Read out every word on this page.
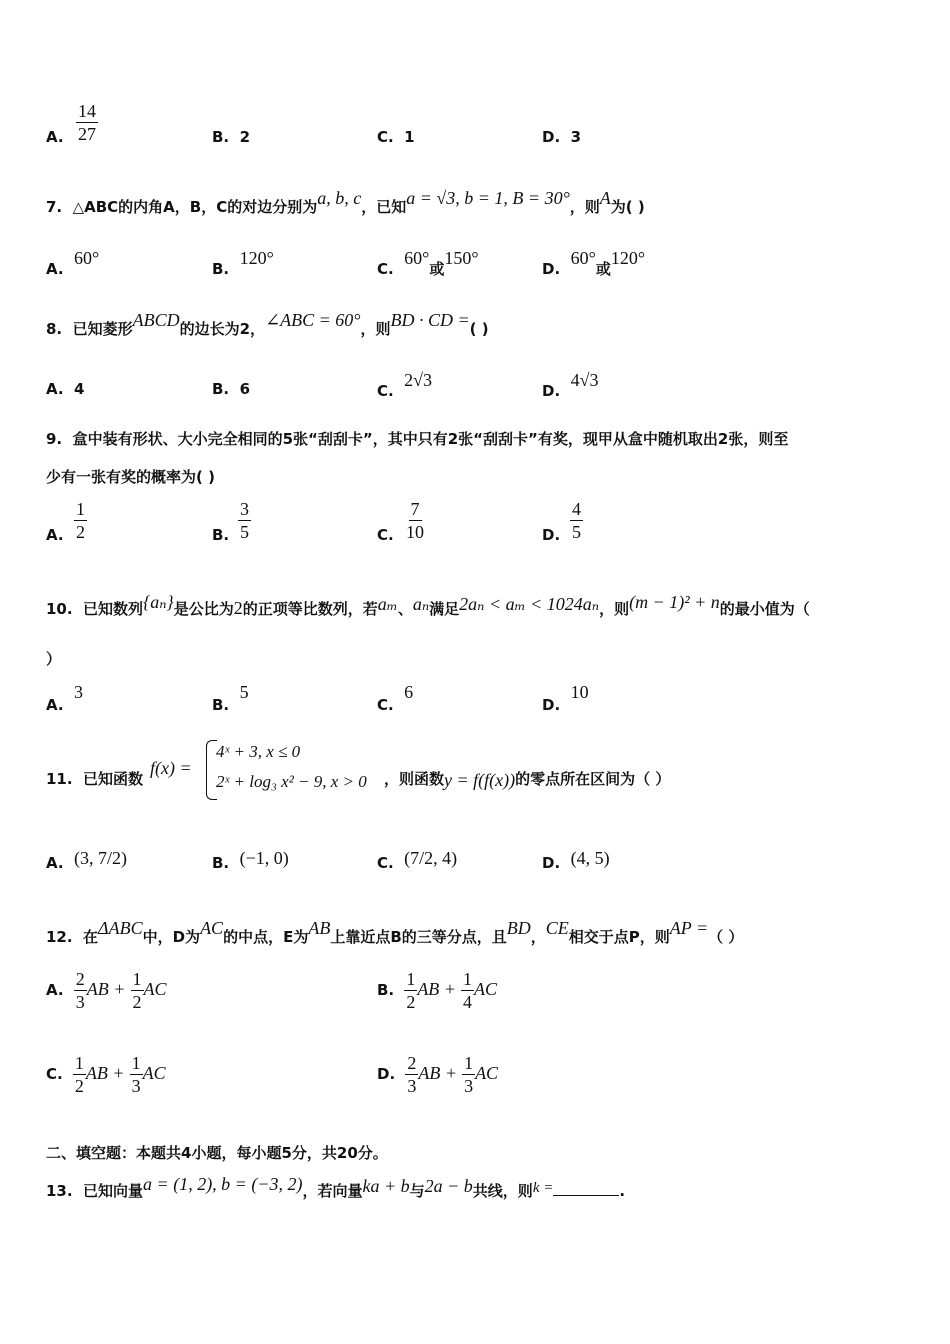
A. $\frac{14}{27}$	B. 2	C. 1	D. 3
7. △ABC的内角A，B，C的对边分别为a, b, c，已知a = √3, b = 1, B = 30°，则A为( )
A.  60°
B.  120°
C.  60°或150°
D.  60°或120°
8. 已知菱形ABCD的边长为2，∠ABC = 60°，则BD · CD =( )
A. 4	B. 6	C.  2√3
D.  4√3
9. 盒中装有形状、大小完全相同的5张“刮刮卡”，其中只有2张“刮刮卡”有奖，现甲从盒中随机取出2张，则至
少有一张有奖的概率为( )
A. $\frac{1}{2}$	B. $\frac{3}{5}$	C. $\frac{7}{10}$	D. $\frac{4}{5}$
10. 已知数列{aₙ}是公比为2的正项等比数列，若aₘ、aₙ满足2aₙ < aₘ < 1024aₙ，则(m − 1)² + n的最小值为（
）
A.  3
B.  5
C.  6
D.  10
11. 已知函数
f(x) =
4ˣ + 3, x ≤ 0
2ˣ + log₃ x² − 9, x > 0 ，则函数y = f(f(x))的零点所在区间为（ ）
A. (3, 7/2)	B. (−1, 0)	C. (7/2, 4)	D. (4, 5)
12. 在ΔABC中，D为AC的中点，E为AB上靠近点B的三等分点，且BD，CE相交于点P，则AP =（ ）
A. $\frac{2}{3}$ AB + $\frac{1}{2}$ AC	B. $\frac{1}{2}$ AB + $\frac{1}{4}$ AC
C. $\frac{1}{2}$ AB + $\frac{1}{3}$ AC	D. $\frac{2}{3}$ AB + $\frac{1}{3}$ AC
二、填空题：本题共4小题，每小题5分，共20分。
13. 已知向量a = (1, 2), b = (−3, 2)，若向量ka + b与2a − b共线，则k =	.
